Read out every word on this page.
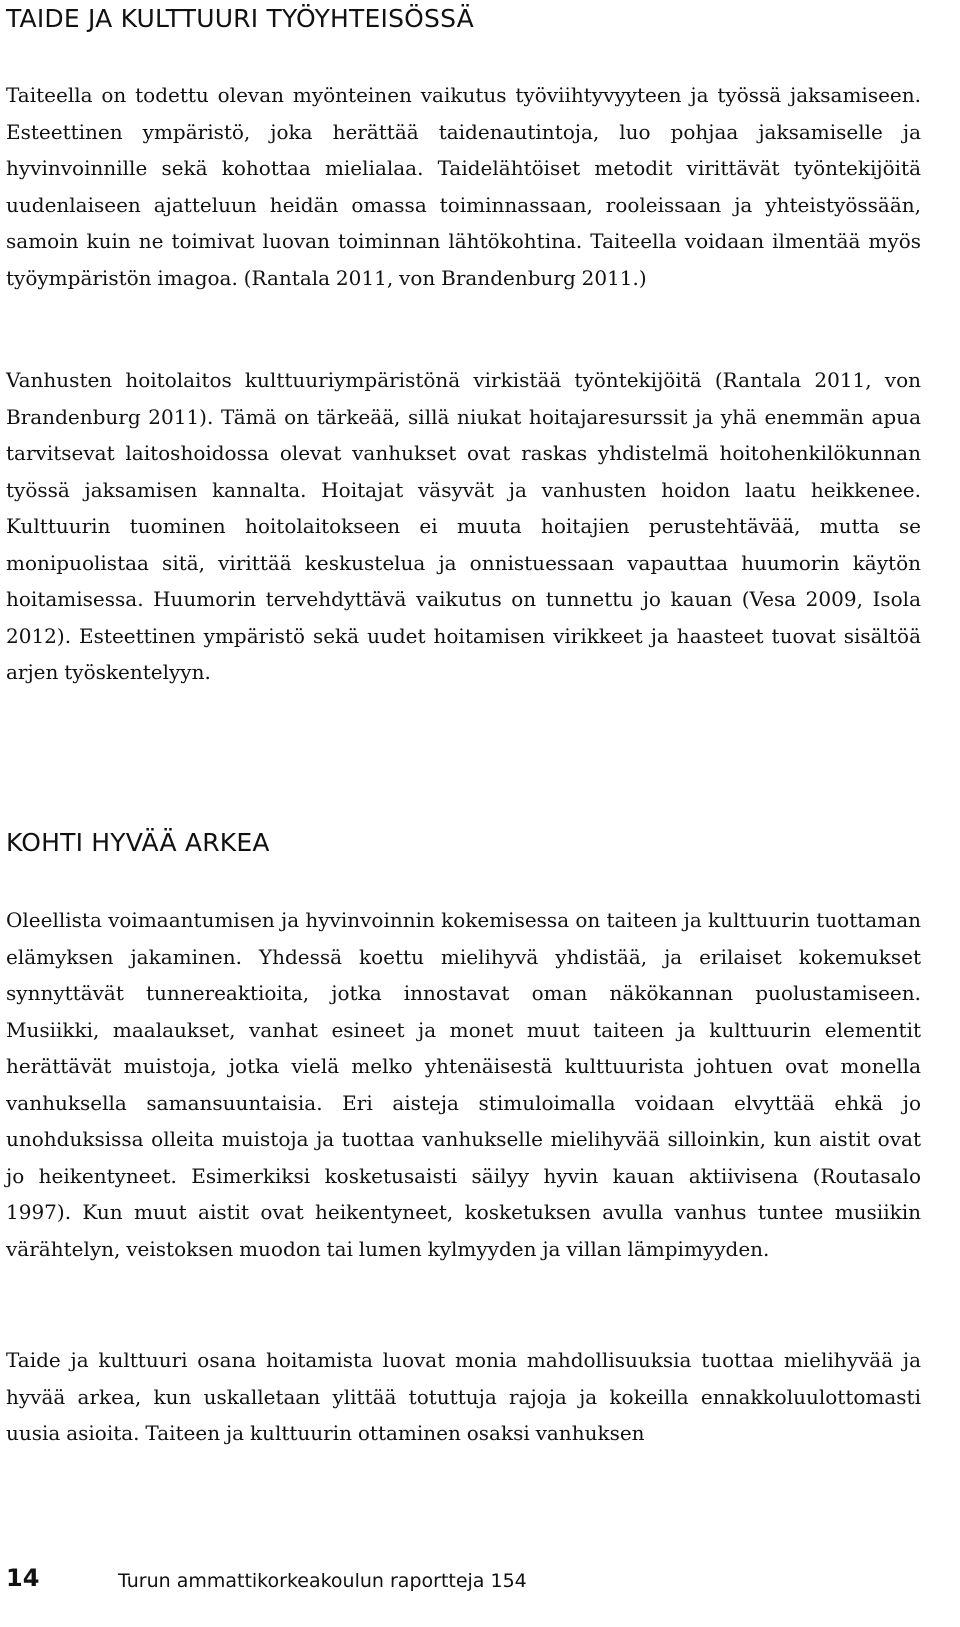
TAIDE JA KULTTUURI TYÖYHTEISÖSSÄ

Taiteella on todettu olevan myönteinen vaikutus työviihtyvyyteen ja työssä jaksamiseen. Esteettinen ympäristö, joka herättää taidenautintoja, luo pohjaa jaksamiselle ja hyvinvoinnille sekä kohottaa mielialaa. Taidelähtöiset metodit virittävät työntekijöitä uudenlaiseen ajatteluun heidän omassa toiminnassaan, rooleissaan ja yhteistyössään, samoin kuin ne toimivat luovan toiminnan lähtökohtina. Taiteella voidaan ilmentää myös työympäristön imagoa. (Rantala 2011, von Brandenburg 2011.)

Vanhusten hoitolaitos kulttuuriympäristönä virkistää työntekijöitä (Rantala 2011, von Brandenburg 2011). Tämä on tärkeää, sillä niukat hoitajaresurssit ja yhä enemmän apua tarvitsevat laitoshoidossa olevat vanhukset ovat raskas yhdistelmä hoitohenkilökunnan työssä jaksamisen kannalta. Hoitajat väsyvät ja vanhusten hoidon laatu heikkenee. Kulttuurin tuominen hoitolaitokseen ei muuta hoitajien perustehtävää, mutta se monipuolistaa sitä, virittää keskustelua ja onnistuessaan vapauttaa huumorin käytön hoitamisessa. Huumorin tervehdyttävä vaikutus on tunnettu jo kauan (Vesa 2009, Isola 2012). Esteettinen ympäristö sekä uudet hoitamisen virikkeet ja haasteet tuovat sisältöä arjen työskentelyyn.

KOHTI HYVÄÄ ARKEA

Oleellista voimaantumisen ja hyvinvoinnin kokemisessa on taiteen ja kulttuurin tuottaman elämyksen jakaminen. Yhdessä koettu mielihyvä yhdistää, ja erilaiset kokemukset synnyttävät tunnereaktioita, jotka innostavat oman näkökannan puolustamiseen. Musiikki, maalaukset, vanhat esineet ja monet muut taiteen ja kulttuurin elementit herättävät muistoja, jotka vielä melko yhtenäisestä kulttuurista johtuen ovat monella vanhuksella samansuuntaisia. Eri aisteja stimuloimalla voidaan elvyttää ehkä jo unohduksissa olleita muistoja ja tuottaa vanhukselle mielihyvää silloinkin, kun aistit ovat jo heikentyneet. Esimerkiksi kosketusaisti säilyy hyvin kauan aktiivisena (Routasalo 1997). Kun muut aistit ovat heikentyneet, kosketuksen avulla vanhus tuntee musiikin värähtelyn, veistoksen muodon tai lumen kylmyyden ja villan lämpimyyden.

Taide ja kulttuuri osana hoitamista luovat monia mahdollisuuksia tuottaa mielihyvää ja hyvää arkea, kun uskalletaan ylittää totuttuja rajoja ja kokeilla ennakkoluulottomasti uusia asioita. Taiteen ja kulttuurin ottaminen osaksi vanhuksen

14	Turun ammattikorkeakoulun raportteja 154
